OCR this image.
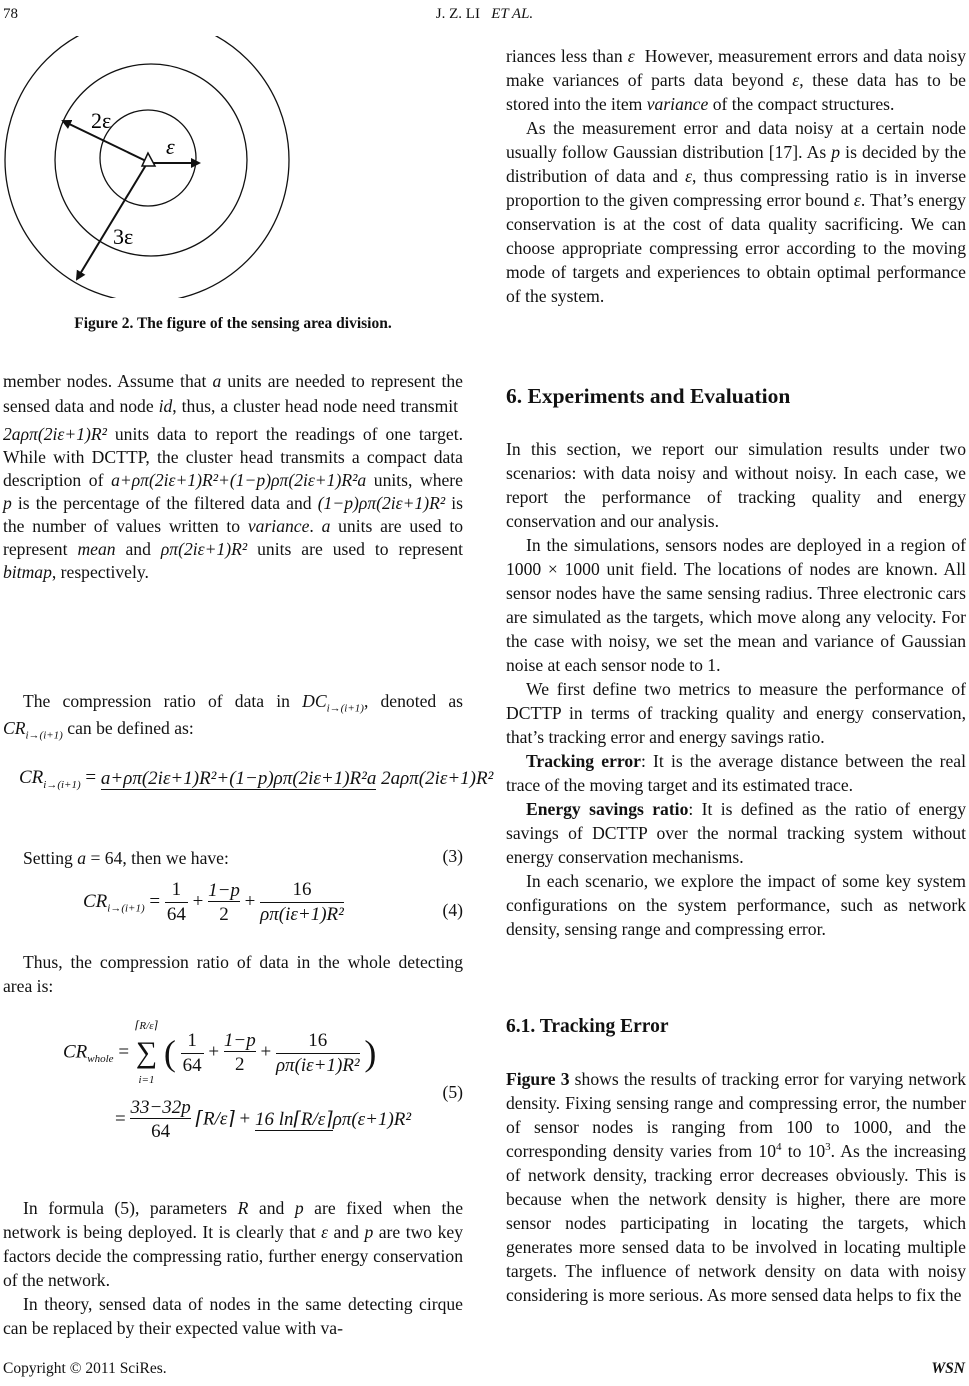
78	J. Z. LI ET AL.
ε
2ε
3ε
Figure 2. The figure of the sensing area division.

member nodes. Assume that a units are needed to represent the sensed data and node id, thus, a cluster head node need transmit 2aρπ(2iε+1)R² units data to report the readings of one target. While with DCTTP, the cluster head transmits a compact data description of a+ρπ(2iε+1)R²+(1−p)ρπ(2iε+1)R²a units, where p is the percentage of the filtered data and (1−p)ρπ(2iε+1)R² is the number of values written to variance. a units are used to represent mean and ρπ(2iε+1)R² units are used to represent bitmap, respectively.

The compression ratio of data in $DC_{i\to(i+1)}$, denoted as $CR_{i\to(i+1)}$ can be defined as:

$CR_{i\to(i+1)} = a+\rho\pi(2i\varepsilon+1)R^2+(1-p)\rho\pi(2i\varepsilon+1)R^2a$ 2aρπ(2iε+1)R²
(3)

Setting a = 64, then we have:

$CR_{i\to(i+1)} = \frac{1}{64} + \frac{1-p}{2} + \frac{16}{\text{ρπ(iε+1)R²}}$	(4)

Thus, the compression ratio of data in the whole detecting area is:

$CR_{whole}$ =
⌈R/ε⌉
∑
i=1
( $\frac{1}{64} + \frac{1-p}{2} + \frac{16}{\text{ρπ(iε+1)R²}}$ )
= $\frac{33-32p}{64}$ ⌈R/ε⌉ + 16 ln⌈R/ε⌉ρπ(ε+1)R²
(5)

In formula (5), parameters R and p are fixed when the network is being deployed. It is clearly that ε and p are two key factors decide the compressing ratio, further energy conservation of the network.

In theory, sensed data of nodes in the same detecting cirque can be replaced by their expected value with va-

riances less than ε  However, measurement errors and data noisy make variances of parts data beyond ε, these data has to be stored into the item variance of the compact structures.

As the measurement error and data noisy at a certain node usually follow Gaussian distribution [17]. As p is decided by the distribution of data and ε, thus compressing ratio is in inverse proportion to the given compressing error bound ε. That’s energy conservation is at the cost of data quality sacrificing. We can choose appropriate compressing error according to the moving mode of targets and experiences to obtain optimal performance of the system.

6. Experiments and Evaluation

In this section, we report our simulation results under two scenarios: with data noisy and without noisy. In each case, we report the performance of tracking quality and energy conservation and our analysis.

In the simulations, sensors nodes are deployed in a region of 1000 × 1000 unit field. The locations of nodes are known. All sensor nodes have the same sensing radius. Three electronic cars are simulated as the targets, which move along any velocity. For the case with noisy, we set the mean and variance of Gaussian noise at each sensor node to 1.

We first define two metrics to measure the performance of DCTTP in terms of tracking quality and energy conservation, that’s tracking error and energy savings ratio.

Tracking error: It is the average distance between the real trace of the moving target and its estimated trace.

Energy savings ratio: It is defined as the ratio of energy savings of DCTTP over the normal tracking system without energy conservation mechanisms.

In each scenario, we explore the impact of some key system configurations on the system performance, such as network density, sensing range and compressing error.

6.1. Tracking Error

Figure 3 shows the results of tracking error for varying network density. Fixing sensing range and compressing error, the number of sensor nodes is ranging from 100 to 1000, and the corresponding density varies from $10^4$ to $10^3$. As the increasing of network density, tracking error decreases obviously. This is because when the network density is higher, there are more sensor nodes participating in locating the targets, which generates more sensed data to be involved in locating multiple targets. The influence of network density on data with noisy considering is more serious. As more sensed data helps to fix the

Copyright © 2011 SciRes.	WSN
